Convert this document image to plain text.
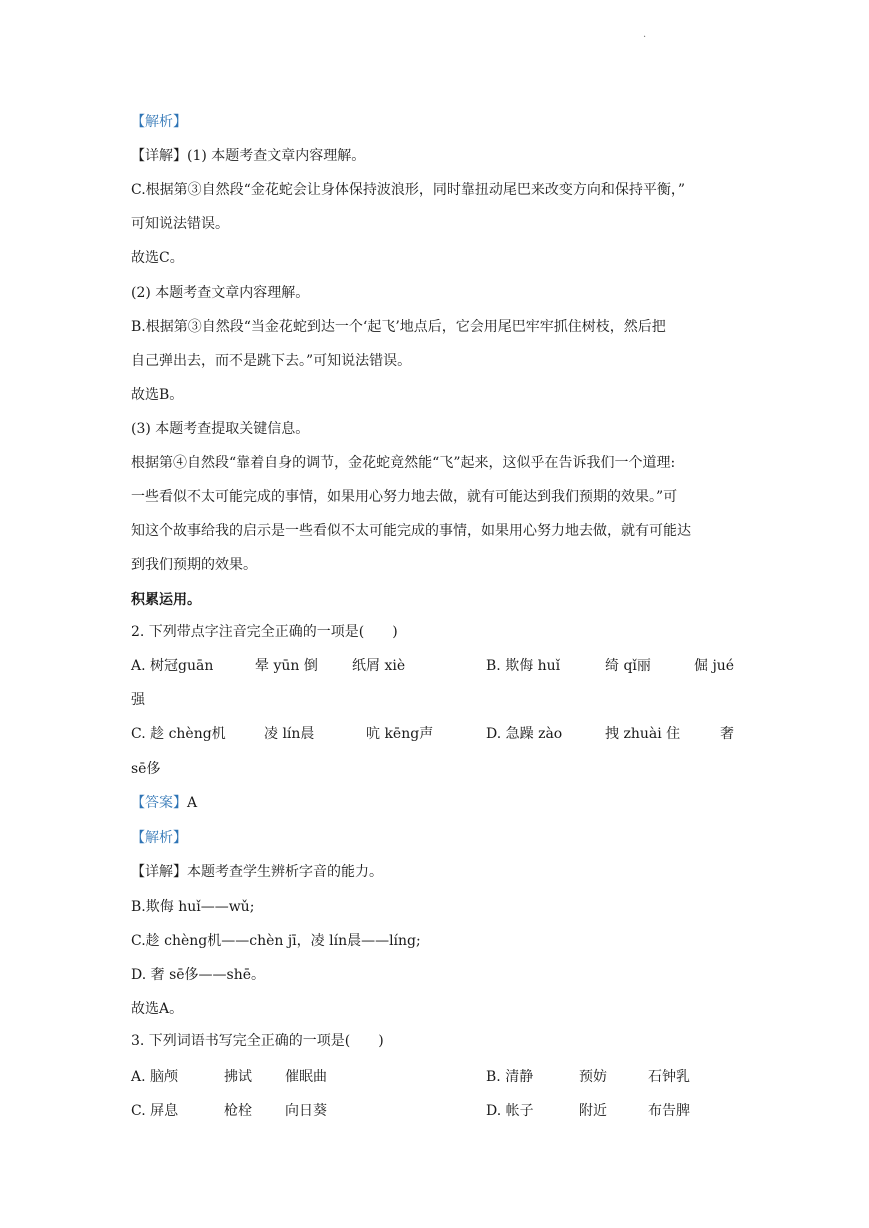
·
【解析】
【详解】(1) 本题考查文章内容理解。
C.根据第③自然段“金花蛇会让身体保持波浪形，同时靠扭动尾巴来改变方向和保持平衡，”
可知说法错误。
故选C。
(2) 本题考查文章内容理解。
B.根据第③自然段“当金花蛇到达一个‘起飞’地点后，它会用尾巴牢牢抓住树枝，然后把
自己弹出去，而不是跳下去。”可知说法错误。
故选B。
(3) 本题考查提取关键信息。
根据第④自然段“靠着自身的调节，金花蛇竟然能“飞”起来，这似乎在告诉我们一个道理:
一些看似不太可能完成的事情，如果用心努力地去做，就有可能达到我们预期的效果。”可
知这个故事给我的启示是一些看似不太可能完成的事情，如果用心努力地去做，就有可能达
到我们预期的效果。
积累运用。
2. 下列带点字注音完全正确的一项是(　　)
A. 树冠guān	晕 yūn 倒 纸屑 xiè	B. 欺侮 huǐ	绮 qǐ丽	倔 jué
强
C. 趁 chèng机	凌 lín晨	吭 kēng声	D. 急躁 zào	拽 zhuài 住	奢
sē侈
【答案】A
【解析】
【详解】本题考查学生辨析字音的能力。
B.欺侮 huǐ——wǔ;
C.趁 chèng机——chèn jī，凌 lín晨——líng;
D. 奢 sē侈——shē。
故选A。
3. 下列词语书写完全正确的一项是(　　)
A. 脑颅	拂试 催眠曲	B. 清静	预妨	石钟乳
C. 屏息	枪栓 向日葵	D. 帐子	附近	布告脾
